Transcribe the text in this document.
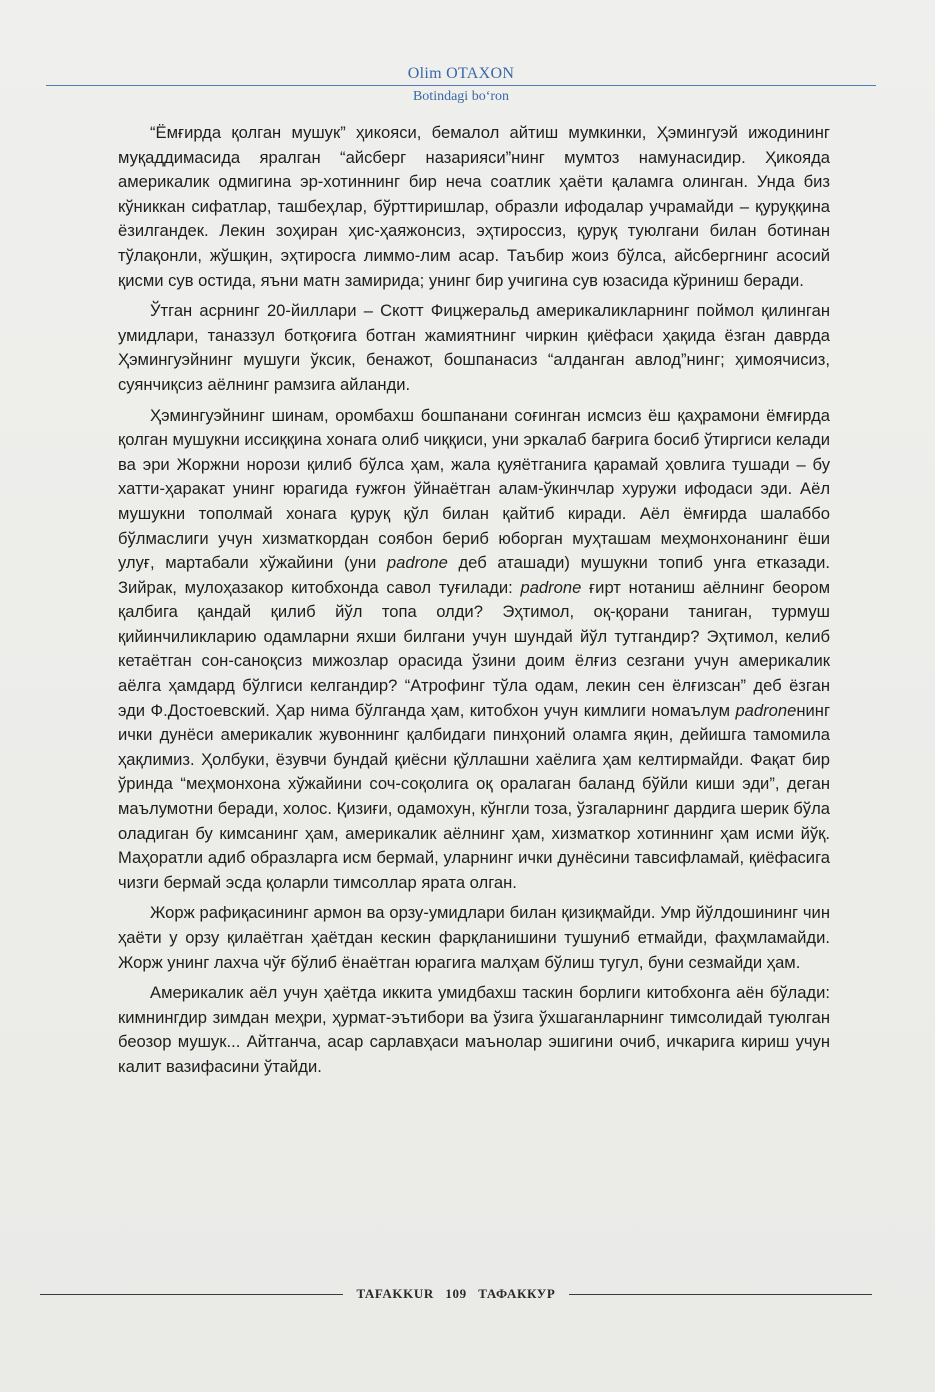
Olim OTAXON
Botindagi bo‘ron

“Ёмғирда қолган мушук” ҳикояси, бемалол айтиш мумкинки, Ҳэмингуэй ижодининг муқаддимасида яралган “айсберг назарияси”нинг мумтоз намунасидир. Ҳикояда америкалик одмигина эр-хотиннинг бир неча соатлик ҳаёти қаламга олинган. Унда биз кўниккан сифатлар, ташбеҳлар, бўрттиришлар, образли ифодалар учрамайди – қуруққина ёзилгандек. Лекин зоҳиран ҳис-ҳаяжонсиз, эҳтироссиз, қуруқ туюлгани билан ботинан тўлақонли, жўшқин, эҳтиросга лиммо-лим асар. Таъбир жоиз бўлса, айсбергнинг асосий қисми сув остида, яъни матн замирида; унинг бир учигина сув юзасида кўриниш беради.

Ўтган асрнинг 20-йиллари – Скотт Фицжеральд америкаликларнинг поймол қилинган умидлари, таназзул ботқоғига ботган жамиятнинг чиркин қиёфаси ҳақида ёзган даврда Ҳэмингуэйнинг мушуги ўксик, бенажот, бошпанасиз “алданган авлод”нинг; ҳимоячисиз, суянчиқсиз аёлнинг рамзига айланди.

Ҳэмингуэйнинг шинам, оромбахш бошпанани соғинган исмсиз ёш қаҳрамони ёмғирда қолган мушукни иссиққина хонага олиб чиққиси, уни эркалаб бағрига босиб ўтиргиси келади ва эри Жоржни норози қилиб бўлса ҳам, жала қуяётганига қарамай ҳовлига тушади – бу хатти-ҳаракат унинг юрагида ғужғон ўйнаётган алам-ўкинчлар хуружи ифодаси эди. Аёл мушукни тополмай хонага қуруқ қўл билан қайтиб киради. Аёл ёмғирда шалаббо бўлмаслиги учун хизматкордан соябон бериб юборган муҳташам меҳмонхонанинг ёши улуғ, мартабали хўжайини (уни padrone деб аташади) мушукни топиб унга етказади. Зийрак, мулоҳазакор китобхонда савол туғилади: padrone ғирт нотаниш аёлнинг беором қалбига қандай қилиб йўл топа олди? Эҳтимол, оқ-қорани таниган, турмуш қийинчиликларию одамларни яхши билгани учун шундай йўл тутгандир? Эҳтимол, келиб кетаётган сон-саноқсиз мижозлар орасида ўзини доим ёлғиз сезгани учун америкалик аёлга ҳамдард бўлгиси келгандир? “Атрофинг тўла одам, лекин сен ёлғизсан” деб ёзган эди Ф.Достоевский. Ҳар нима бўлганда ҳам, китобхон учун кимлиги номаълум padroneнинг ички дунёси америкалик жувоннинг қалбидаги пинҳоний оламга яқин, дейишга тамомила ҳақлимиз. Ҳолбуки, ёзувчи бундай қиёсни қўллашни хаёлига ҳам келтирмайди. Фақат бир ўринда “меҳмонхона хўжайини соч-соқолига оқ оралаган баланд бўйли киши эди”, деган маълумотни беради, холос. Қизиғи, одамохун, кўнгли тоза, ўзгаларнинг дардига шерик бўла оладиган бу кимсанинг ҳам, америкалик аёлнинг ҳам, хизматкор хотиннинг ҳам исми йўқ. Маҳоратли адиб образларга исм бермай, уларнинг ички дунёсини тавсифламай, қиёфасига чизги бермай эсда қоларли тимсоллар ярата олган.

Жорж рафиқасининг армон ва орзу-умидлари билан қизиқмайди. Умр йўлдошининг чин ҳаёти у орзу қилаётган ҳаётдан кескин фарқланишини тушуниб етмайди, фаҳмламайди. Жорж унинг лахча чўғ бўлиб ёнаётган юрагига малҳам бўлиш тугул, буни сезмайди ҳам.

Америкалик аёл учун ҳаётда иккита умидбахш таскин борлиги китобхонга аён бўлади: кимнингдир зимдан меҳри, ҳурмат-эътибори ва ўзига ўхшаганларнинг тимсолидай туюлган беозор мушук... Айтганча, асар сарлавҳаси маънолар эшигини очиб, ичкарига кириш учун калит вазифасини ўтайди.

TAFAKKUR 109 ТАФАККУР
